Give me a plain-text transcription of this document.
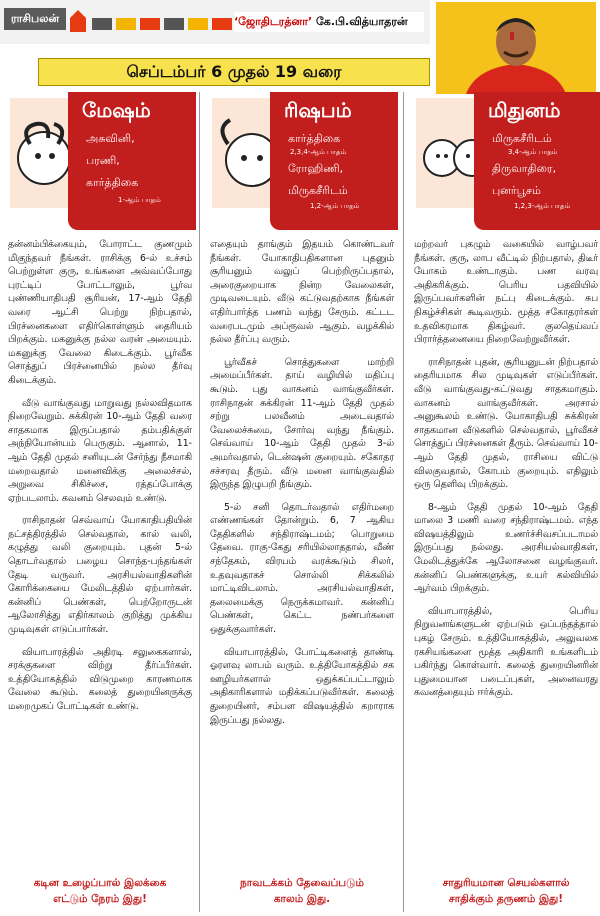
ராசிபலன்	‘ஜோதிடரத்னா’ கே.பி.வித்யாதரன்
செப்டம்பர் 6 முதல் 19 வரை
மேஷம்
அசுவினி,
பரணி,
கார்த்திகை
1-ஆம் பாதம்

தன்னம்பிக்கையும், போராட்ட குணமும் மிகுந்தவர் நீங்கள். ராசிக்கு 6-ல் உச்சம் பெற்றுள்ள குரு, உங்களை அவ்வப்போது புரட்டிப் போட்டாலும், பூர்வ புண்ணியாதிபதி சூரியன், 17-ஆம் தேதி வரை ஆட்சி பெற்று நிற்பதால், பிரச்னைகளை எதிர்கொள்ளும் தைரியம் பிறக்கும். மகனுக்கு நல்ல வரன் அமையும். மகனுக்கு வேலை கிடைக்கும். பூர்வீக சொத்துப் பிரச்னையில் நல்ல தீர்வு கிடைக்கும்.

வீடு வாங்குவது மாறுவது நல்லவிதமாக நிறைவேறும். சுக்கிரன் 10-ஆம் தேதி வரை சாதகமாக இருப்பதால் தம்பதிக்குள் அந்நியோன்யம் பெருகும். ஆனால், 11-ஆம் தேதி முதல் சனியுடன் சேர்ந்து நீசமாகி மறைவதால் மனைவிக்கு அலைச்சல், அறுவை சிகிச்சை, ரத்தப்போக்கு ஏற்படலாம். கவனம் செலவும் உண்டு.

ராசிநாதன் செவ்வாய் யோகாதிபதியின் நட்சத்திரத்தில் செல்வதால், கால் வலி, கழுத்து வலி குறையும். புதன் 5-ல் தொடர்வதால் பழைய சொந்த-பந்தங்கள் தேடி வருவர். அரசியல்வாதிகளின் கோரிக்கையை மேலிடத்தில் ஏற்பார்கள். கன்னிப் பெண்கள், பெற்றோருடன் ஆலோசித்து எதிர்காலம் குறித்து முக்கிய முடிவுகள் எடுப்பார்கள்.

வியாபாரத்தில் அதிரடி சலுகைகளால், சரக்குகளை விற்று தீர்ப்பீர்கள். உத்தியோகத்தில் விடுமுறை காரணமாக வேலை கூடும். கலைத் துறையினருக்கு மறைமுகப் போட்டிகள் உண்டு.

கடின உழைப்பால் இலக்கை
எட்டும் நேரம் இது!
ரிஷபம்
கார்த்திகை
2,3,4-ஆம் பாதம்
ரோஹிணி,
மிருகசீரிடம்
1,2-ஆம் பாதம்

எதையும் தாங்கும் இதயம் கொண்டவர் நீங்கள். யோகாதிபதிகளான புதனும் சூரியனும் வலுப் பெற்றிருப்பதால், அரைகுறையாக நின்ற வேலைகள், முடிவடையும். வீடு கட்டுவதற்காக நீங்கள் எதிர்பார்த்த பணம் வந்து சேரும். கட்டட வரைபடமும் அப்ரூவல் ஆகும். வழக்கில் நல்ல தீர்ப்பு வரும்.

பூர்வீகச் சொத்துகளை மாற்றி அமைப்பீர்கள். தாய் வழியில் மதிப்பு கூடும். புது வாகனம் வாங்குவீர்கள். ராசிநாதன் சுக்கிரன் 11-ஆம் தேதி முதல் சற்று பலவீனம் அடைவதால் வேலைச்சுமை, சோர்வு வந்து நீங்கும். செவ்வாய் 10-ஆம் தேதி முதல் 3-ல் அமர்வதால், டென்ஷன் குறையும். சகோதர சச்சரவு தீரும். வீடு மனை வாங்குவதில் இருந்த இழுபறி நீங்கும்.

5-ல் சனி தொடர்வதால் எதிர்மறை எண்ணங்கள் தோன்றும். 6, 7 ஆகிய தேதிகளில் சந்திராஷ்டமம்; பொறுமை தேவை. ராகு-கேது சரியில்லாததால், வீண் சந்தேகம், விரயம் வரக்கூடும் சிலர், உதவுவதாகச் சொல்லி சிக்கலில் மாட்டிவிடலாம். அரசியல்வாதிகள், தலைமைக்கு நெருக்கமாவர். கன்னிப் பெண்கள், கெட்ட நண்பர்களை ஒதுக்குவார்கள்.

வியாபாரத்தில், போட்டிகளைத் தாண்டி ஓரளவு லாபம் வரும். உத்தியோகத்தில் சக ஊழியர்களால் ஒதுக்கப்பட்டாலும் அதிகாரிகளால் மதிக்கப்படுவீர்கள். கலைத் துறையினர், சம்பள விஷயத்தில் கறாராக இருப்பது நல்லது.

நாவடக்கம் தேவைப்படும்
காலம் இது.
மிதுனம்
மிருகசீரிடம்
3,4-ஆம் பாதம்
திருவாதிரை,
புனர்பூசம்
1,2,3-ஆம் பாதம்

மற்றவர் புகழும் வகையில் வாழ்பவர் நீங்கள். குரு, லாப வீட்டில் நிற்பதால், திடீர் யோகம் உண்டாகும். பண வரவு அதிகரிக்கும். பெரிய பதவியில் இருப்பவர்களின் நட்பு கிடைக்கும். சுப நிகழ்ச்சிகள் கூடிவரும். மூத்த சகோதரர்கள் உதவிகரமாக திகழ்வர். குலதெய்வப் பிரார்த்தனையை நிறைவேற்றுவீர்கள்.

ராசிநாதன் புதன், சூரியனுடன் நிற்பதால் தைரியமாக சில முடிவுகள் எடுப்பீர்கள். வீடு வாங்குவது-கட்டுவது சாதகமாகும். வாகனம் வாங்குவீர்கள். அரசால் அனுகூலம் உண்டு. யோகாதிபதி சுக்கிரன் சாதகமான வீடுகளில் செல்வதால், பூர்வீகச் சொத்துப் பிரச்னைகள் தீரும். செவ்வாய் 10-ஆம் தேதி முதல், ராசியை விட்டு விலகுவதால், கோபம் குறையும். எதிலும் ஒரு தெளிவு பிறக்கும்.

8-ஆம் தேதி முதல் 10-ஆம் தேதி மாலை 3 மணி வரை சந்திராஷ்டமம். எந்த விஷயத்திலும் உணர்ச்சிவசப்படாமல் இருப்பது நல்லது. அரசியல்வாதிகள், மேலிடத்துக்கே ஆலோசனை வழங்குவர். கன்னிப் பெண்களுக்கு, உயர் கல்வியில் ஆர்வம் பிறக்கும்.

வியாபாரத்தில், பெரிய நிறுவனங்களுடன் ஏற்படும் ஒப்பந்தத்தால் புகழ் சேரும். உத்தியோகத்தில், அலுவலக ரகசியங்களை மூத்த அதிகாரி உங்களிடம் பகிர்ந்து கொள்வார். கலைத் துறையினரின் புதுமையான படைப்புகள், அனைவரது கவனத்தையும் ஈர்க்கும்.

சாதுரியமான செயல்களால்
சாதிக்கும் தருணம் இது!
